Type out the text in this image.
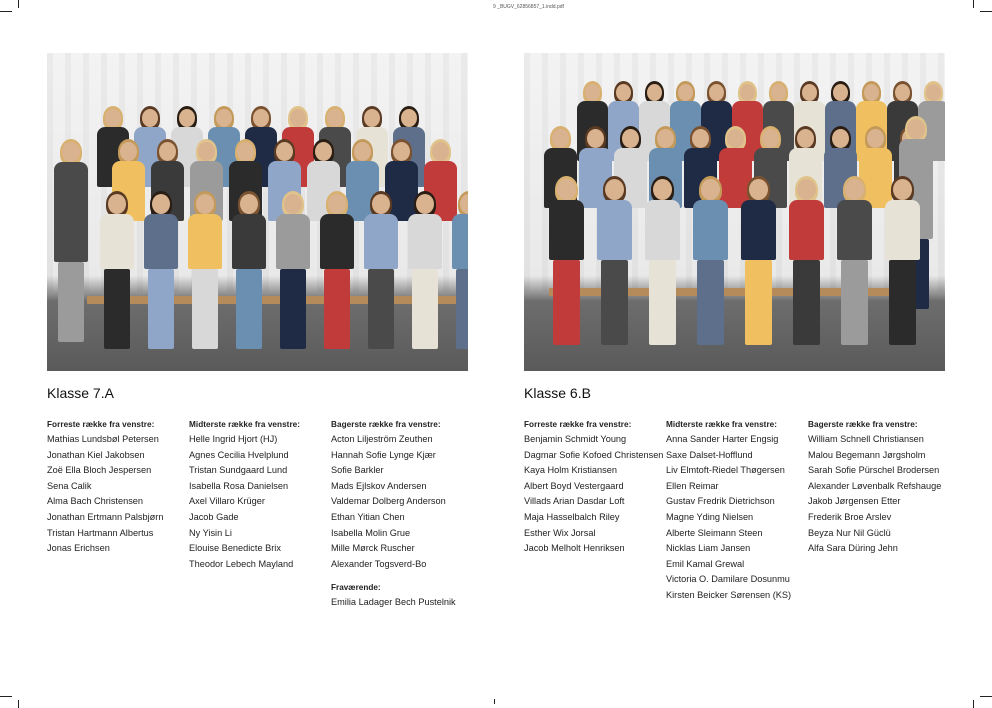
9 _BUGV_62856857_1.indd.pdf
Klasse 7.A
Forreste række fra venstre:
Mathias Lundsbøl Petersen
Jonathan Kiel Jakobsen
Zoë Ella Bloch Jespersen
Sena Calik
Alma Bach Christensen
Jonathan Ertmann Palsbjørn
Tristan Hartmann Albertus
Jonas Erichsen
Midterste række fra venstre:
Helle Ingrid Hjort (HJ)
Agnes Cecilia Hvelplund
Tristan Sundgaard Lund
Isabella Rosa Danielsen
Axel Villaro Krüger
Jacob Gade
Ny Yisin Li
Elouise Benedicte Brix
Theodor Lebech Mayland
Bagerste række fra venstre:
Acton Liljeström Zeuthen
Hannah Sofie Lynge Kjær
Sofie Barkler
Mads Ejlskov Andersen
Valdemar Dolberg Anderson
Ethan Yitian Chen
Isabella Molin Grue
Mille Mørck Ruscher
Alexander Togsverd-Bo
Fraværende:
Emilia Ladager Bech Pustelnik
Klasse 6.B
Forreste række fra venstre:
Benjamin Schmidt Young
Dagmar Sofie Kofoed Christensen
Kaya Holm Kristiansen
Albert Boyd Vestergaard
Villads Arian Dasdar Loft
Maja Hasselbalch Riley
Esther Wix Jorsal
Jacob Melholt Henriksen
Midterste række fra venstre:
Anna Sander Harter Engsig
Saxe Dalset-Hofflund
Liv Elmtoft-Riedel Thøgersen
Ellen Reimar
Gustav Fredrik Dietrichson
Magne Yding Nielsen
Alberte Sleimann Steen
Nicklas Liam Jansen
Emil Kamal Grewal
Victoria O. Damilare Dosunmu
Kirsten Beicker Sørensen (KS)
Bagerste række fra venstre:
William Schnell Christiansen
Malou Begemann Jørgsholm
Sarah Sofie Pürschel Brodersen
Alexander Løvenbalk Refshauge
Jakob Jørgensen Etter
Frederik Broe Arslev
Beyza Nur Nil Güclü
Alfa Sara Düring Jehn
